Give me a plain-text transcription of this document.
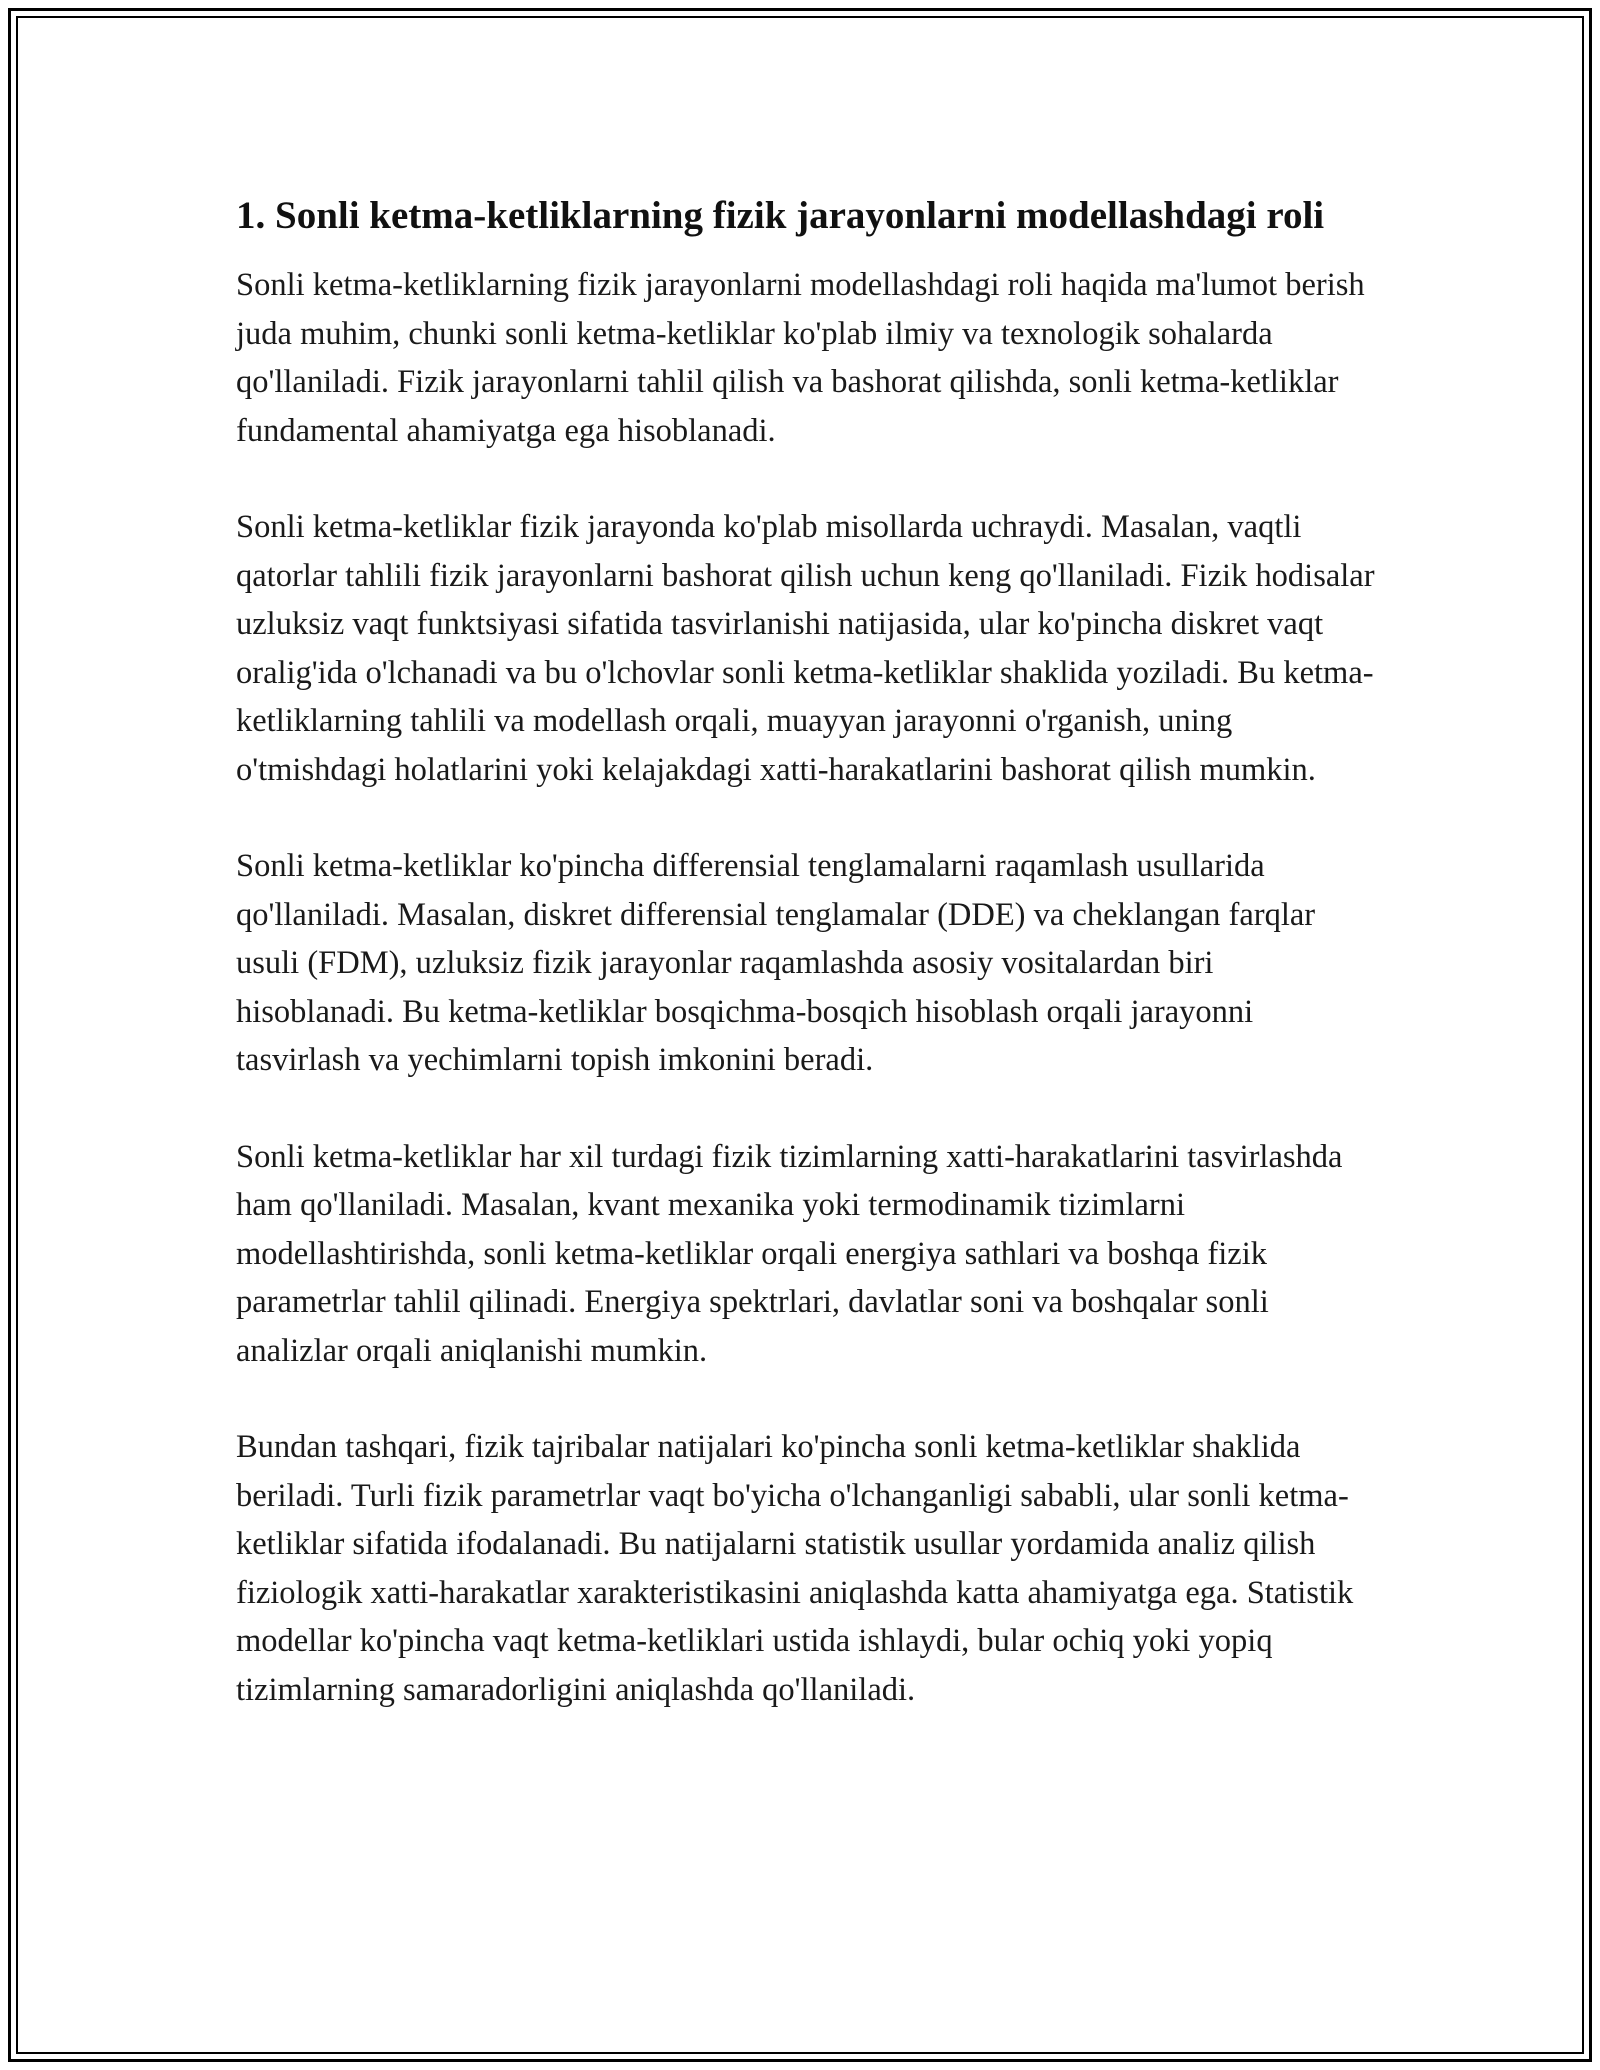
1. Sonli ketma-ketliklarning fizik jarayonlarni modellashdagi roli

Sonli ketma-ketliklarning fizik jarayonlarni modellashdagi roli haqida ma'lumot berish juda muhim, chunki sonli ketma-ketliklar ko'plab ilmiy va texnologik sohalarda qo'llaniladi. Fizik jarayonlarni tahlil qilish va bashorat qilishda, sonli ketma-ketliklar fundamental ahamiyatga ega hisoblanadi.

Sonli ketma-ketliklar fizik jarayonda ko'plab misollarda uchraydi. Masalan, vaqtli qatorlar tahlili fizik jarayonlarni bashorat qilish uchun keng qo'llaniladi. Fizik hodisalar uzluksiz vaqt funktsiyasi sifatida tasvirlanishi natijasida, ular ko'pincha diskret vaqt oralig'ida o'lchanadi va bu o'lchovlar sonli ketma-ketliklar shaklida yoziladi. Bu ketma-ketliklarning tahlili va modellash orqali, muayyan jarayonni o'rganish, uning o'tmishdagi holatlarini yoki kelajakdagi xatti-harakatlarini bashorat qilish mumkin.

Sonli ketma-ketliklar ko'pincha differensial tenglamalarni raqamlash usullarida qo'llaniladi. Masalan, diskret differensial tenglamalar (DDE) va cheklangan farqlar usuli (FDM), uzluksiz fizik jarayonlar raqamlashda asosiy vositalardan biri hisoblanadi. Bu ketma-ketliklar bosqichma-bosqich hisoblash orqali jarayonni tasvirlash va yechimlarni topish imkonini beradi.

Sonli ketma-ketliklar har xil turdagi fizik tizimlarning xatti-harakatlarini tasvirlashda ham qo'llaniladi. Masalan, kvant mexanika yoki termodinamik tizimlarni modellashtirishda, sonli ketma-ketliklar orqali energiya sathlari va boshqa fizik parametrlar tahlil qilinadi. Energiya spektrlari, davlatlar soni va boshqalar sonli analizlar orqali aniqlanishi mumkin.

Bundan tashqari, fizik tajribalar natijalari ko'pincha sonli ketma-ketliklar shaklida beriladi. Turli fizik parametrlar vaqt bo'yicha o'lchanganligi sababli, ular sonli ketma-ketliklar sifatida ifodalanadi. Bu natijalarni statistik usullar yordamida analiz qilish fiziologik xatti-harakatlar xarakteristikasini aniqlashda katta ahamiyatga ega. Statistik modellar ko'pincha vaqt ketma-ketliklari ustida ishlaydi, bular ochiq yoki yopiq tizimlarning samaradorligini aniqlashda qo'llaniladi.
